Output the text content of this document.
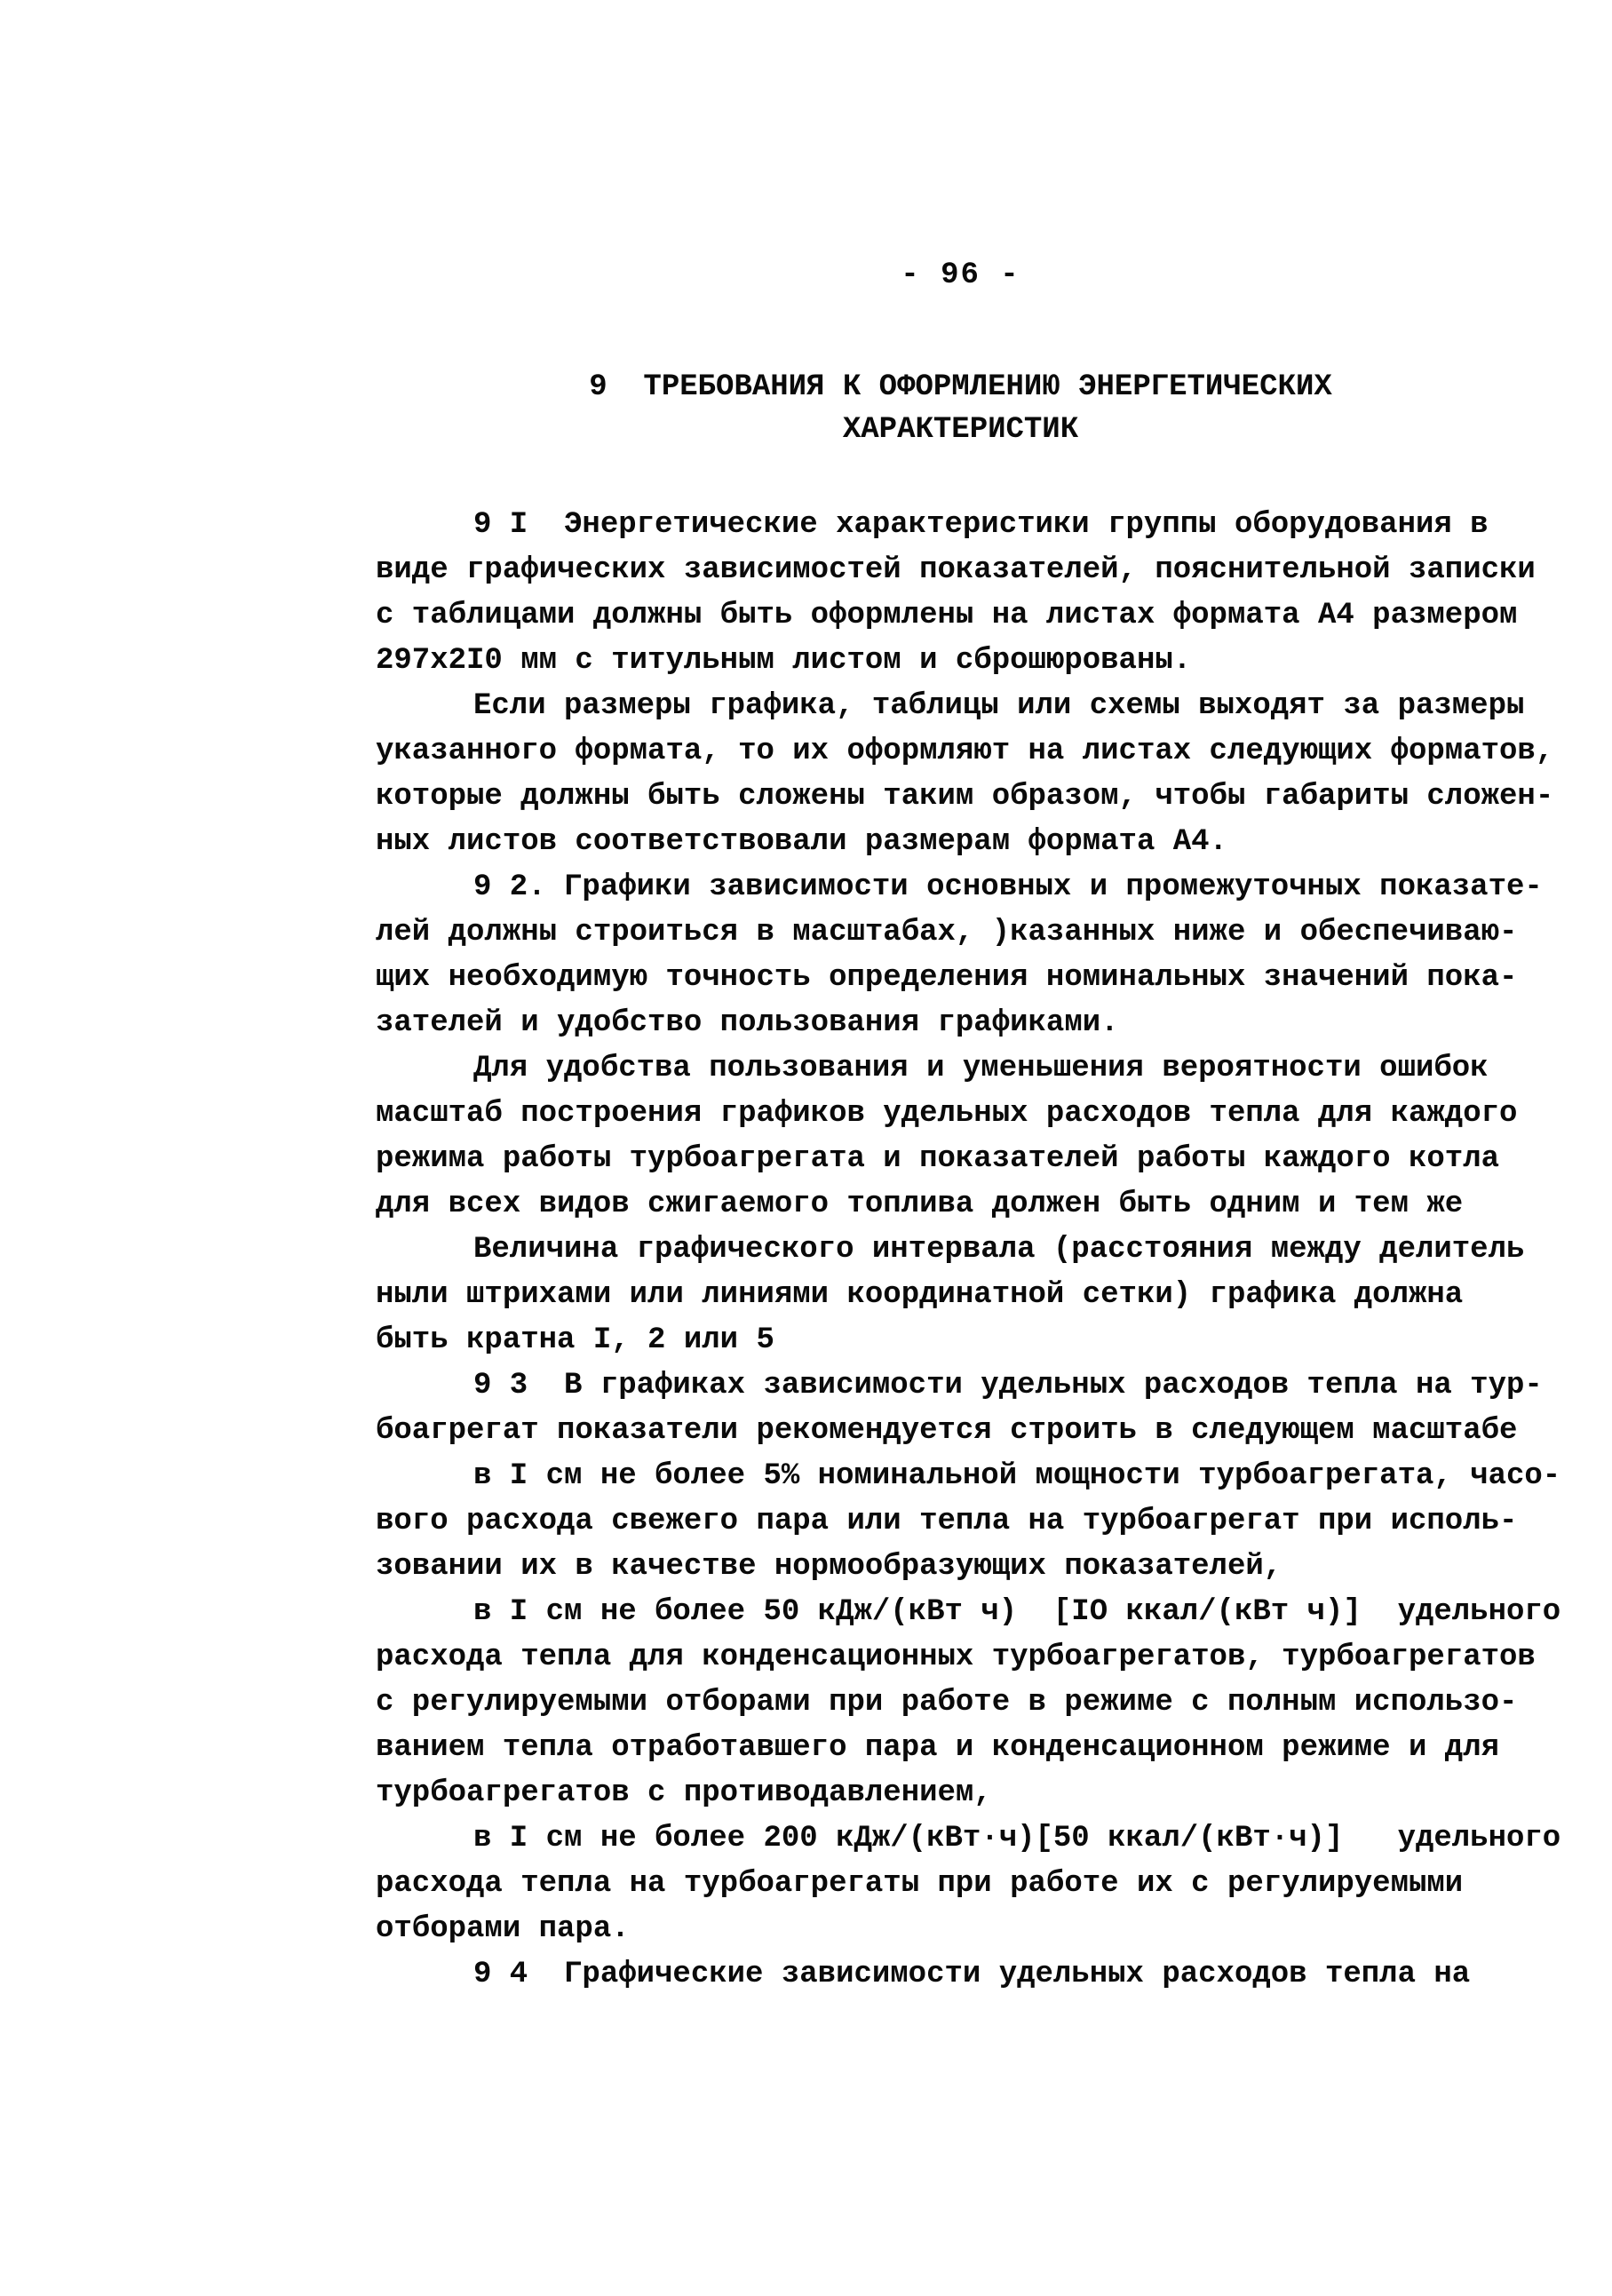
- 96 -
9  ТРЕБОВАНИЯ К ОФОРМЛЕНИЮ ЭНЕРГЕТИЧЕСКИХ
ХАРАКТЕРИСТИК
9 I  Энергетические характеристики группы оборудования в
виде графических зависимостей показателей, пояснительной записки
с таблицами должны быть оформлены на листах формата А4 размером
297х2I0 мм с титульным листом и сброшюрованы.
Если размеры графика, таблицы или схемы выходят за размеры
указанного формата, то их оформляют на листах следующих форматов,
которые должны быть сложены таким образом, чтобы габариты сложен-
ных листов соответствовали размерам формата А4.
9 2. Графики зависимости основных и промежуточных показате-
лей должны строиться в масштабах, )казанных ниже и обеспечиваю-
щих необходимую точность определения номинальных значений пока-
зателей и удобство пользования графиками.
Для удобства пользования и уменьшения вероятности ошибок
масштаб построения графиков удельных расходов тепла для каждого
режима работы турбоагрегата и показателей работы каждого котла
для всех видов сжигаемого топлива должен быть одним и тем же
Величина графического интервала (расстояния между делитель
ныли штрихами или линиями координатной сетки) графика должна
быть кратна I, 2 или 5
9 3  В графиках зависимости удельных расходов тепла на тур-
боагрегат показатели рекомендуется строить в следующем масштабе
в I см не более 5% номинальной мощности турбоагрегата, часо-
вого расхода свежего пара или тепла на турбоагрегат при исполь-
зовании их в качестве нормообразующих показателей,
в I см не более 50 кДж/(кВт ч)  [IO ккал/(кВт ч)]  удельного
расхода тепла для конденсационных турбоагрегатов, турбоагрегатов
с регулируемыми отборами при работе в режиме с полным использо-
ванием тепла отработавшего пара и конденсационном режиме и для
турбоагрегатов с противодавлением,
в I см не более 200 кДж/(кВт·ч)[50 ккал/(кВт·ч)]   удельного
расхода тепла на турбоагрегаты при работе их с регулируемыми
отборами пара.
9 4  Графические зависимости удельных расходов тепла на
